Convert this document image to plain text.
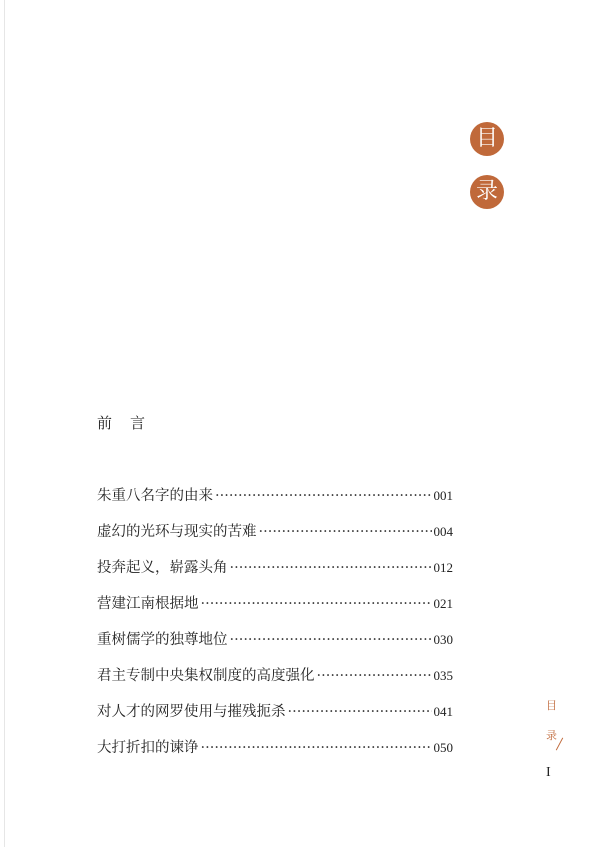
目
录
前言
朱重八名字的由来 ·····	001
虚幻的光环与现实的苦难 ·····	004
投奔起义，崭露头角 ·····	012
营建江南根据地 ·····	021
重树儒学的独尊地位 ·····	030
君主专制中央集权制度的高度强化 ·····	035
对人才的网罗使用与摧残扼杀 ·····	041
大打折扣的谏诤 ·····	050
目
录
I
